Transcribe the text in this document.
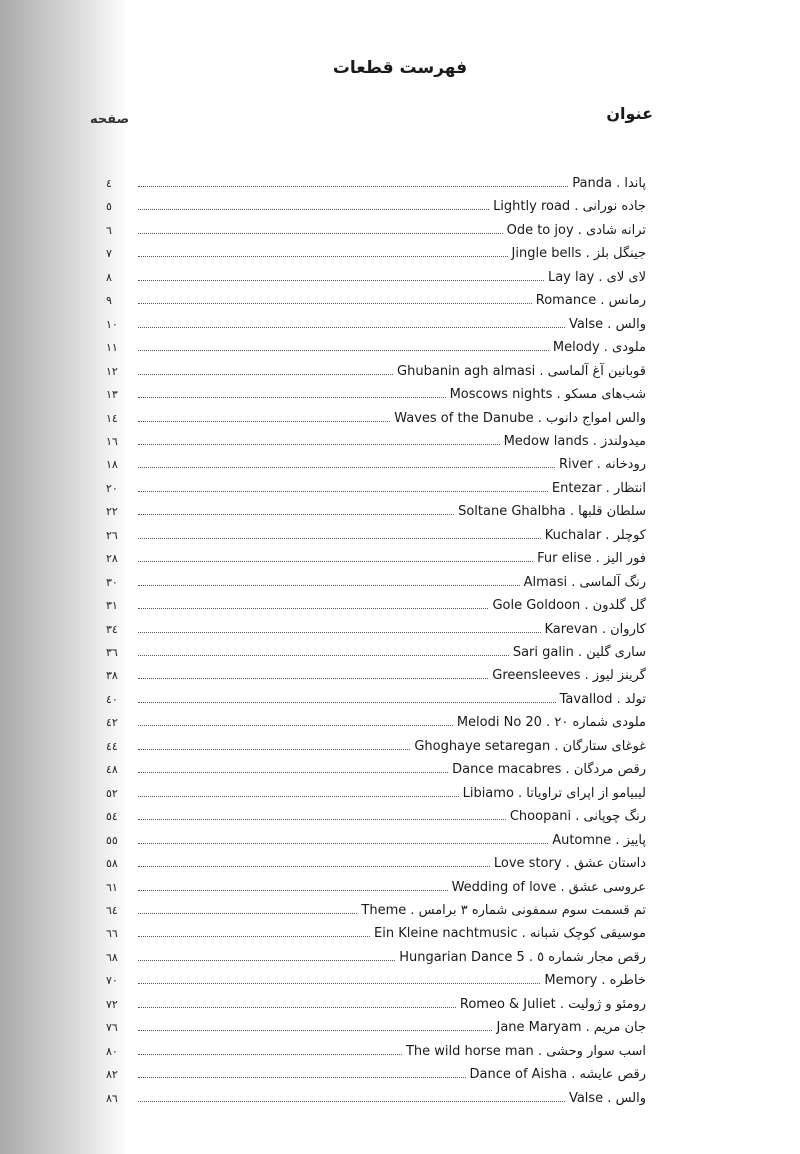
فهرست قطعات
عنوان
صفحه
٤	پاندا . Panda
٥	جاده نورانی . Lightly road
٦	ترانه شادی . Ode to joy
٧	جینگل بلز . Jingle bells
٨	لای لای . Lay lay
٩	رمانس . Romance
١٠	والس . Valse
١١	ملودی . Melody
١٢	قوبانین آغ آلماسی . Ghubanin agh almasi
١٣	شب‌های مسکو . Moscows nights
١٤	والس امواج دانوب . Waves of the Danube
١٦	میدولندز . Medow lands
١٨	رودخانه . River
٢٠	انتظار . Entezar
٢٢	سلطان قلبها . Soltane Ghalbha
٢٦	کوچلر . Kuchalar
٢٨	فور الیز . Fur elise
٣٠	رنگ آلماسی . Almasi
٣١	گل گلدون . Gole Goldoon
٣٤	کاروان . Karevan
٣٦	ساری گلین . Sari galin
٣٨	گرینز لیوز . Greensleeves
٤٠	تولد . Tavallod
٤٢	ملودی شماره ٢٠ . Melodi No 20
٤٤	غوغای ستارگان . Ghoghaye setaregan
٤٨	رقص مردگان . Dance macabres
٥٢	لیبیامو از اپرای تراویاتا . Libiamo
٥٤	رنگ چوپانی . Choopani
٥٥	پاییز . Automne
٥٨	داستان عشق . Love story
٦١	عروسی عشق . Wedding of love
٦٤	تم قسمت سوم سمفونی شماره ٣ برامس . Theme
٦٦	موسیقی کوچک شبانه . Ein Kleine nachtmusic
٦٨	رقص مجار شماره ٥ . Hungarian Dance 5
٧٠	خاطره . Memory
٧٢	رومئو و ژولیت . Romeo & Juliet
٧٦	جان مریم . Jane Maryam
٨٠	اسب سوار وحشی . The wild horse man
٨٢	رقص عایشه . Dance of Aisha
٨٦	والس . Valse
